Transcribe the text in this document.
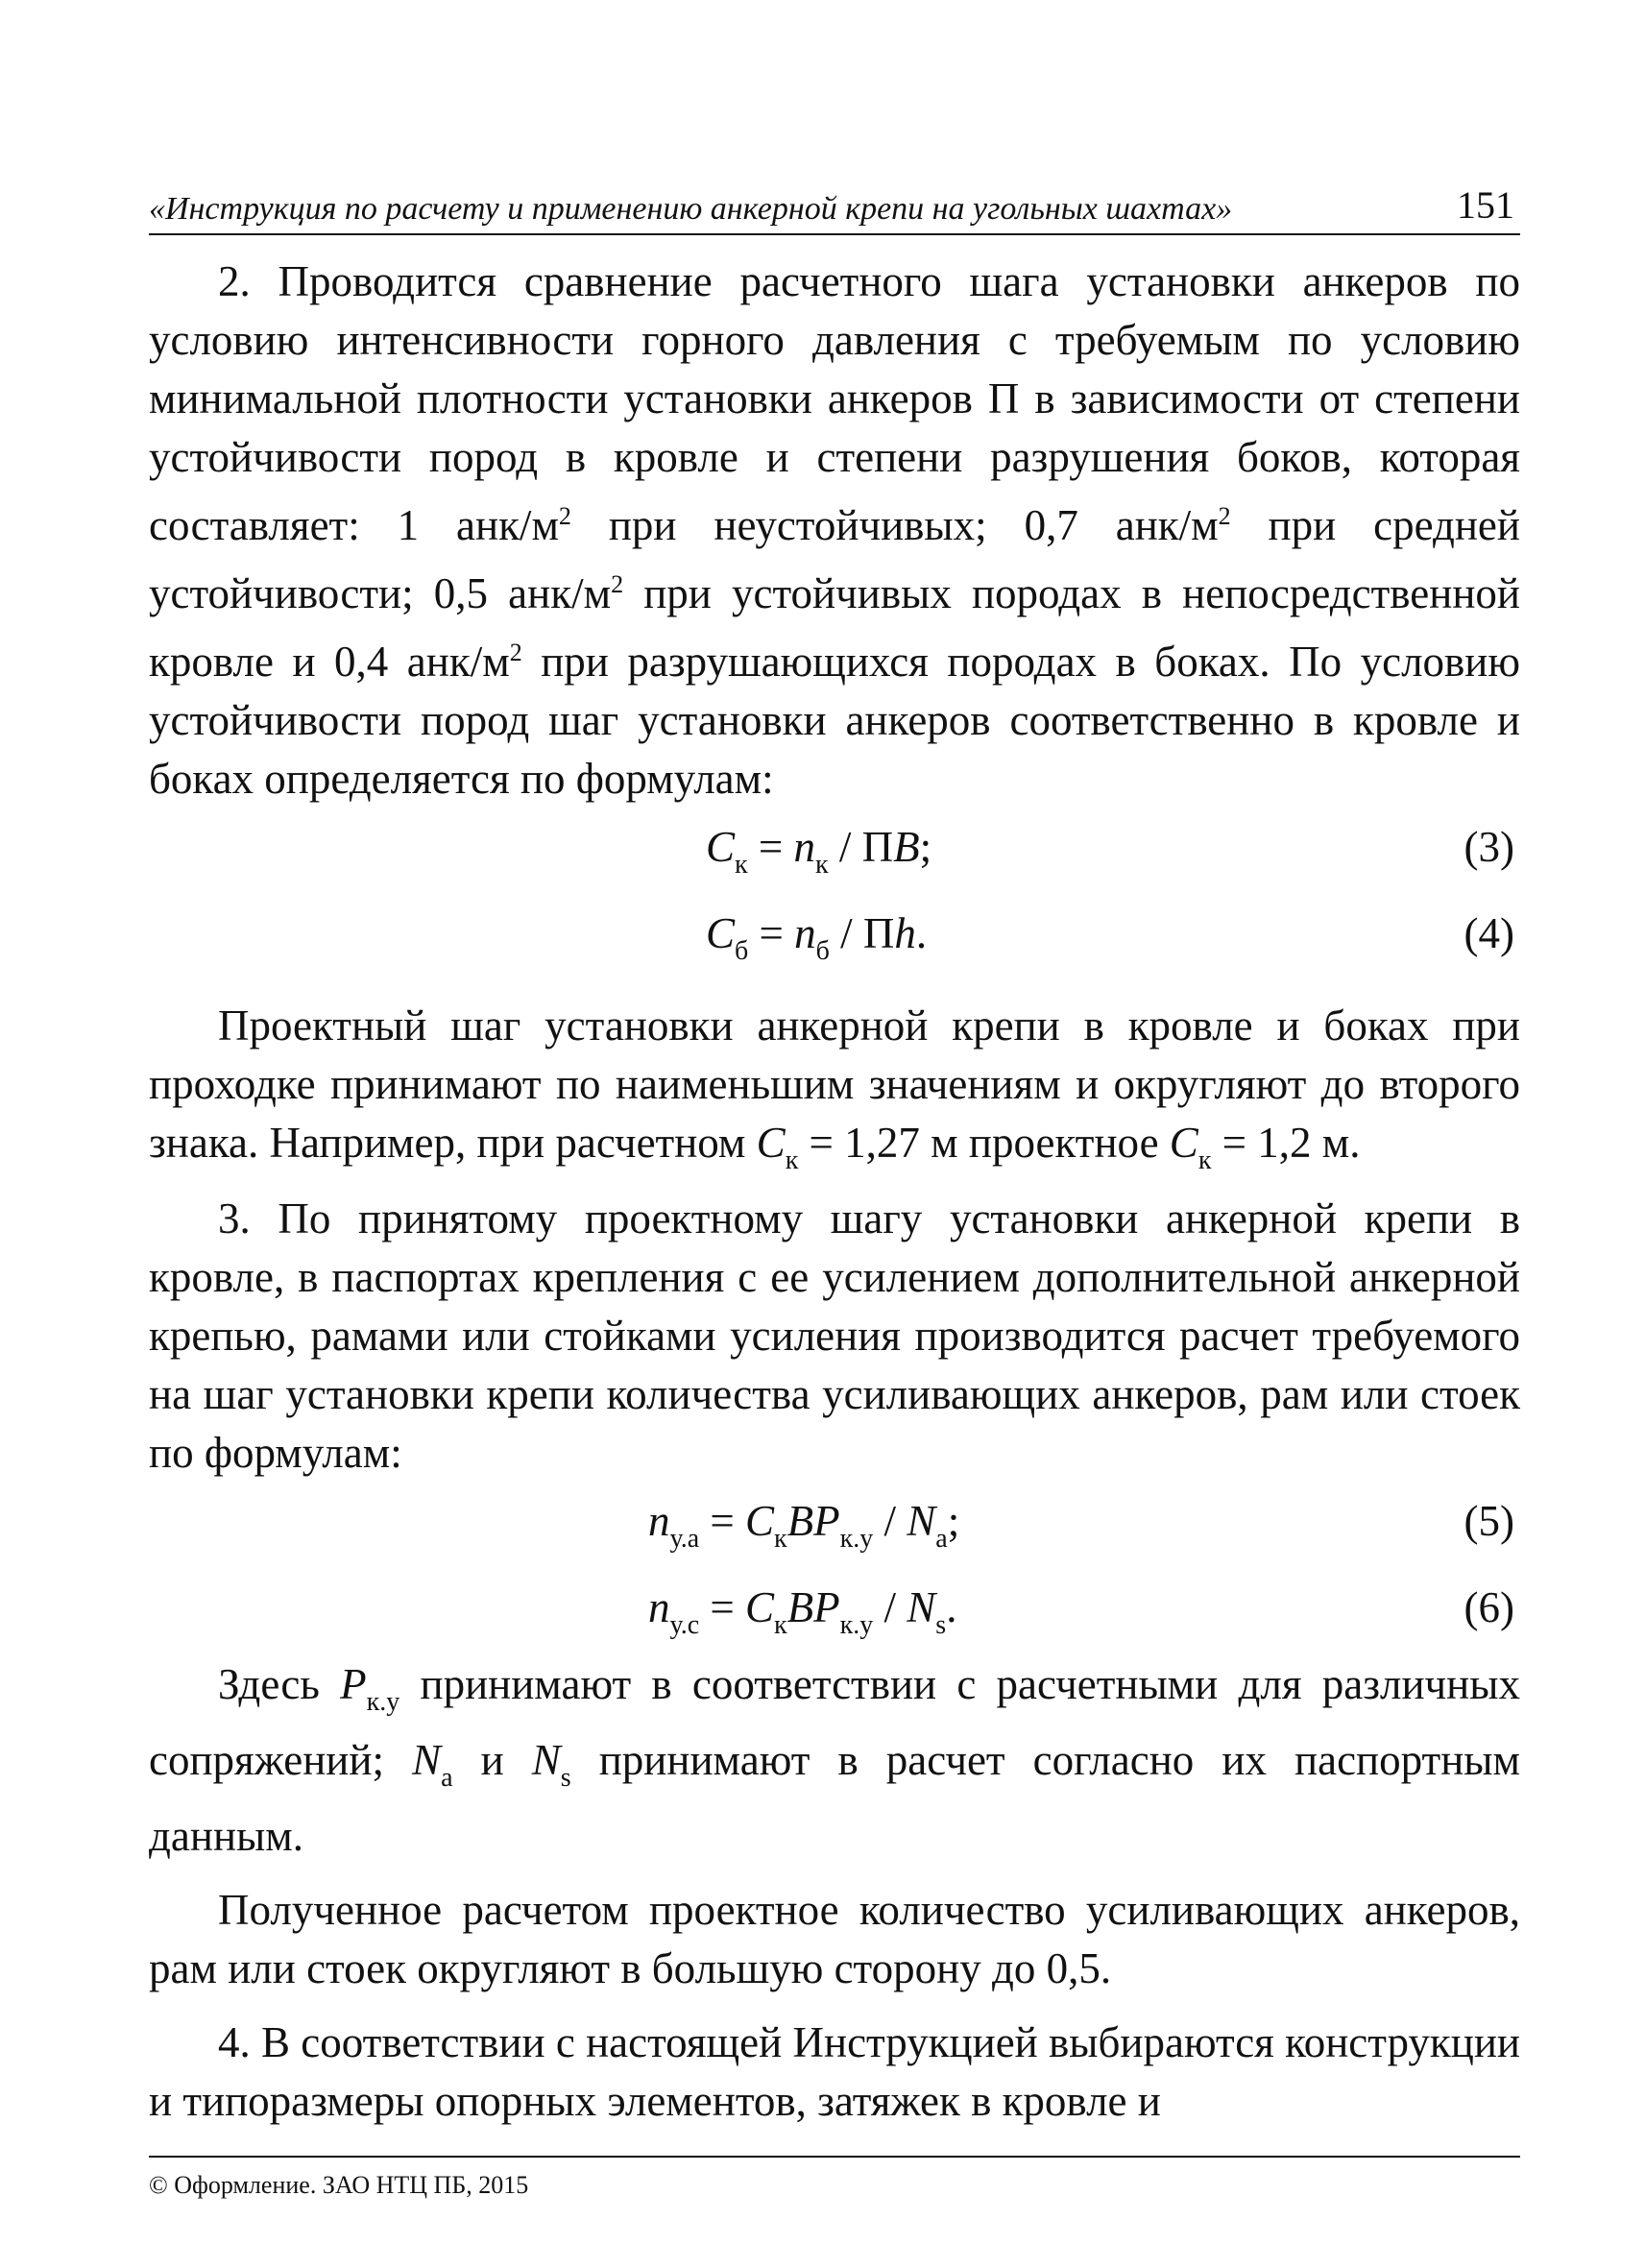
«Инструкция по расчету и применению анкерной крепи на угольных шахтах»	151

2. Проводится сравнение расчетного шага установки анкеров по условию интенсивности горного давления с требуемым по условию минимальной плотности установки анкеров П в зависимости от степени устойчивости пород в кровле и степени разрушения боков, которая составляет: 1 анк/$м^2$ при неустойчивых; 0,7 анк/$м^2$ при средней устойчивости; 0,5 анк/$м^2$ при устойчивых породах в непосредственной кровле и 0,4 анк/$м^2$ при разрушающихся породах в боках. По условию устойчивости пород шаг установки анкеров соответственно в кровле и боках определяется по формулам:

$C_к = n_к$ / ПB;	(3)
$C_б = n_б$ / Пh.	(4)

Проектный шаг установки анкерной крепи в кровле и боках при проходке принимают по наименьшим значениям и округляют до второго знака. Например, при расчетном $C_к = 1,27$ м проектное $C_к = 1,2$ м.

3. По принятому проектному шагу установки анкерной крепи в кровле, в паспортах крепления с ее усилением дополнительной анкерной крепью, рамами или стойками усиления производится расчет требуемого на шаг установки крепи количества усиливающих анкеров, рам или стоек по формулам:

$n_{у.а} = C_кBP_{к.у} / N_а$;	(5)
$n_{у.с} = C_кBP_{к.у} / N_s$.	(6)

Здесь $P_{к.у}$ принимают в соответствии с расчетными для различных сопряжений; $N_а$ и $N_s$ принимают в расчет согласно их паспортным данным.

Полученное расчетом проектное количество усиливающих анкеров, рам или стоек округляют в большую сторону до 0,5.

4. В соответствии с настоящей Инструкцией выбираются конструкции и типоразмеры опорных элементов, затяжек в кровле и

© Оформление. ЗАО НТЦ ПБ, 2015
